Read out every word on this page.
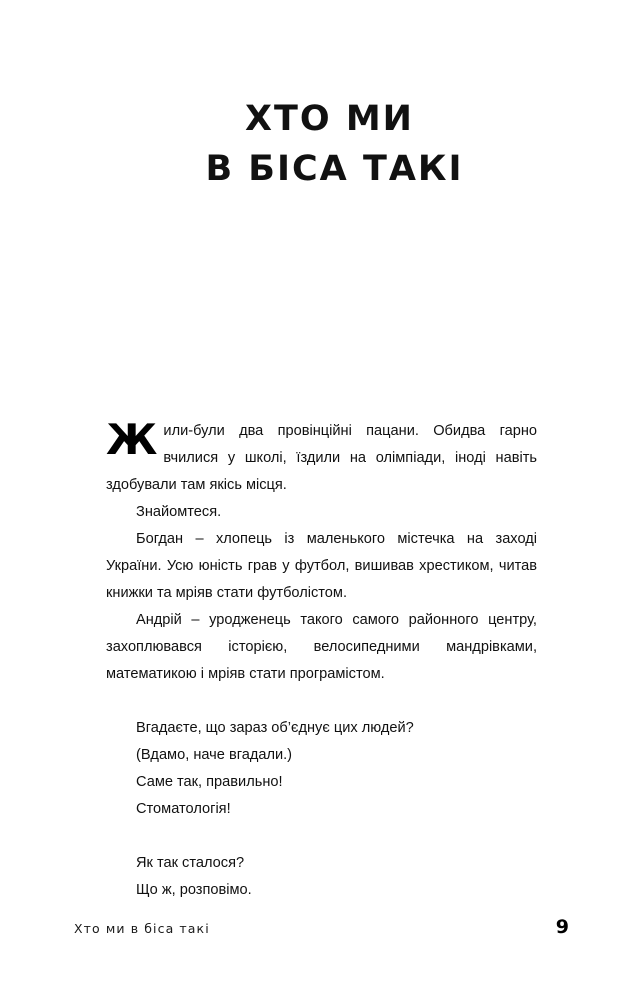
ХТО МИ
В БІСА ТАКІ

Жили-були два провінційні пацани. Обидва гарно вчилися у школі, їздили на олімпіади, іноді навіть здобували там якісь місця.

Знайомтеся.

Богдан – хлопець із маленького містечка на заході України. Усю юність грав у футбол, вишивав хрестиком, читав книжки та мріяв стати футболістом.

Андрій – уродженець такого самого районного центру, захоплювався історією, велосипедними мандрівками, математикою і мріяв стати програмістом.

Вгадаєте, що зараз об’єднує цих людей?

(Вдамо, наче вгадали.)

Саме так, правильно!

Стоматологія!

Як так сталося?

Що ж, розповімо.

Хто ми в біса такі	9
